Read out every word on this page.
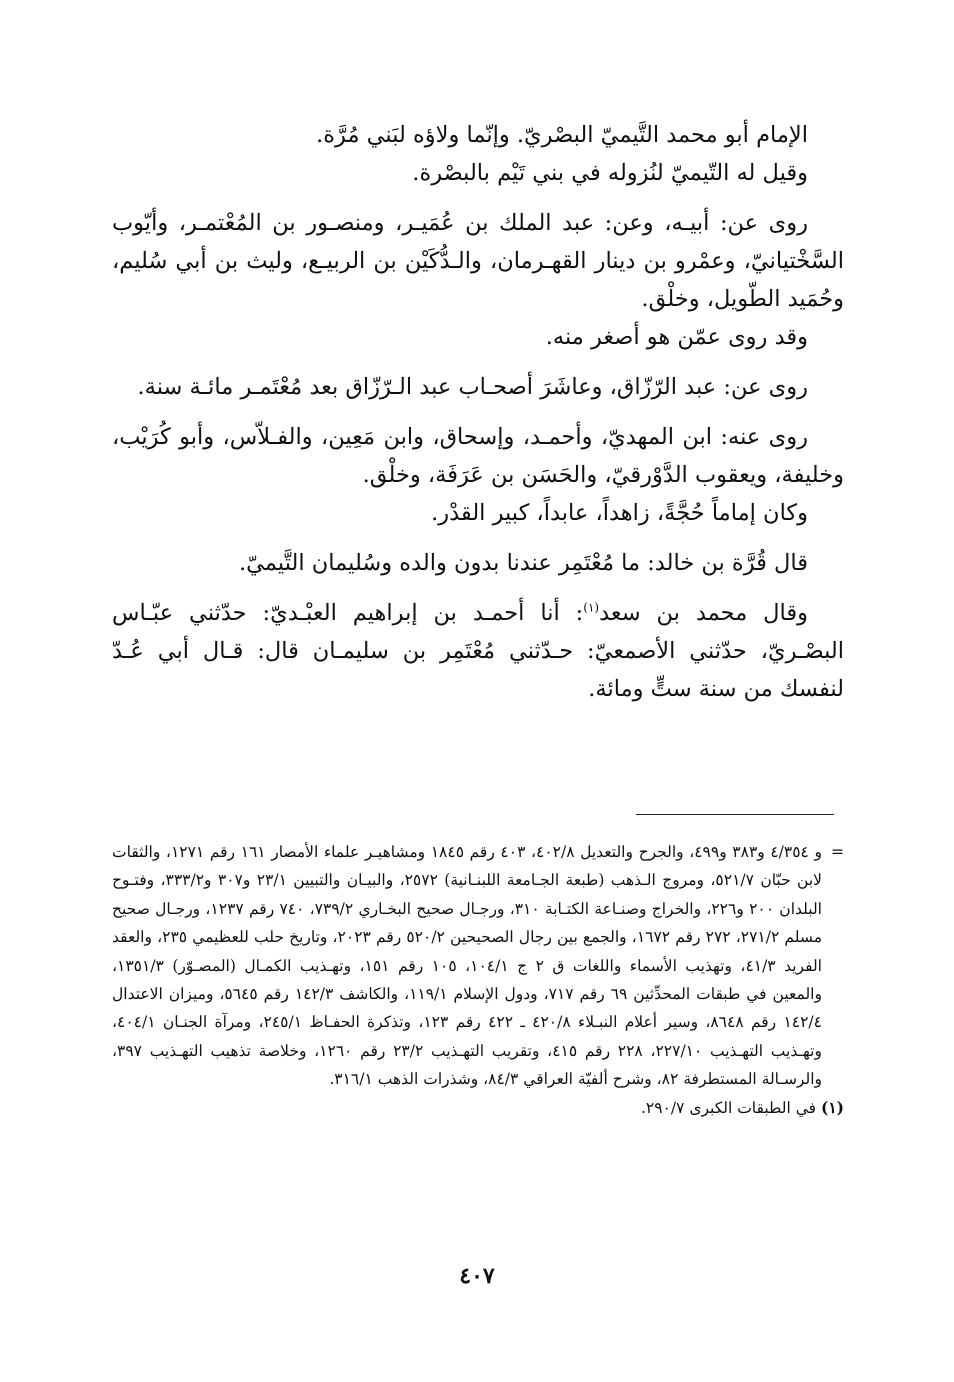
الإمام أبو محمد التَّيميّ البصْريّ. وإنّما ولاؤه لبَني مُرَّة.

وقيل له التّيميّ لنُزوله في بني تَيْم بالبصْرة.

روى عن: أبيـه، وعن: عبد الملك بن عُمَيـر، ومنصـور بن المُعْتمـر، وأيّوب السَّخْتيانيّ، وعمْرو بن دينار القهـرمان، والـدُّكَيْن بن الربيـع، وليث بن أبي سُليم، وحُمَيد الطّويل، وخلْق.

وقد روى عمّن هو أصغر منه.

روى عن: عبد الرّزّاق، وعاشَرَ أصحـاب عبد الـرّزّاق بعد مُعْتَمـر مائـة سنة.

روى عنه: ابن المهديّ، وأحمـد، وإسحاق، وابن مَعِين، والفـلاّس، وأبو كُرَيْب، وخليفة، ويعقوب الدَّوْرقيّ، والحَسَن بن عَرَفَة، وخلْق.

وكان إماماً حُجَّةً، زاهداً، عابداً، كبير القدْر.

قال قُرَّة بن خالد: ما مُعْتَمِر عندنا بدون والده وسُليمان التَّيميّ.

وقال محمد بن سعد$^{(١)}$: أنا أحمـد بن إبراهيم العبْـديّ: حدّثني عبّـاس البصْـريّ، حدّثني الأصمعيّ: حـدّثني مُعْتَمِر بن سليمـان قال: قـال أبي عُـدّ لنفسك من سنة ستٍّ ومائة.

=

و ٤/٣٥٤ و٣٨٣ و٤٩٩، والجرح والتعديل ٤٠٢/٨، ٤٠٣ رقم ١٨٤٥ ومشاهيـر علماء الأمصار ١٦١ رقم ١٢٧١، والثقات لابن حبّان ٥٢١/٧، ومروج الـذهب (طبعة الجـامعة اللبنـانية) ٢٥٧٢، والبيـان والتبيين ٢٣/١ و٣٠٧ و٣٣٣/٢، وفتـوح البلدان ٢٠٠ و٢٢٦، والخراج وصنـاعة الكتـابة ٣١٠، ورجـال صحيح البخـاري ٧٣٩/٢، ٧٤٠ رقم ١٢٣٧، ورجـال صحيح مسلم ٢٧١/٢، ٢٧٢ رقم ١٦٧٢، والجمع بين رجال الصحيحين ٥٢٠/٢ رقم ٢٠٢٣، وتاريخ حلب للعظيمي ٢٣٥، والعقد الفريد ٤١/٣، وتهذيب الأسماء واللغات ق ٢ ج ١٠٤/١، ١٠٥ رقم ١٥١، وتهـذيب الكمـال (المصـوّر) ١٣٥١/٣، والمعين في طبقات المحدِّثين ٦٩ رقم ٧١٧، ودول الإسلام ١١٩/١، والكاشف ١٤٢/٣ رقم ٥٦٤٥، وميزان الاعتدال ١٤٢/٤ رقم ٨٦٤٨، وسير أعلام النبـلاء ٤٢٠/٨ ـ ٤٢٢ رقم ١٢٣، وتذكرة الحفـاظ ٢٤٥/١، ومرآة الجنـان ٤٠٤/١، وتهـذيب التهـذيب ٢٢٧/١٠، ٢٢٨ رقم ٤١٥، وتقريب التهـذيب ٢٣/٢ رقم ١٢٦٠، وخلاصة تذهيب التهـذيب ٣٩٧، والرسـالة المستطرفة ٨٢، وشرح ألفيّة العراقي ٨٤/٣، وشذرات الذهب ٣١٦/١.

(١) في الطبقات الكبرى ٢٩٠/٧.

٤٠٧
